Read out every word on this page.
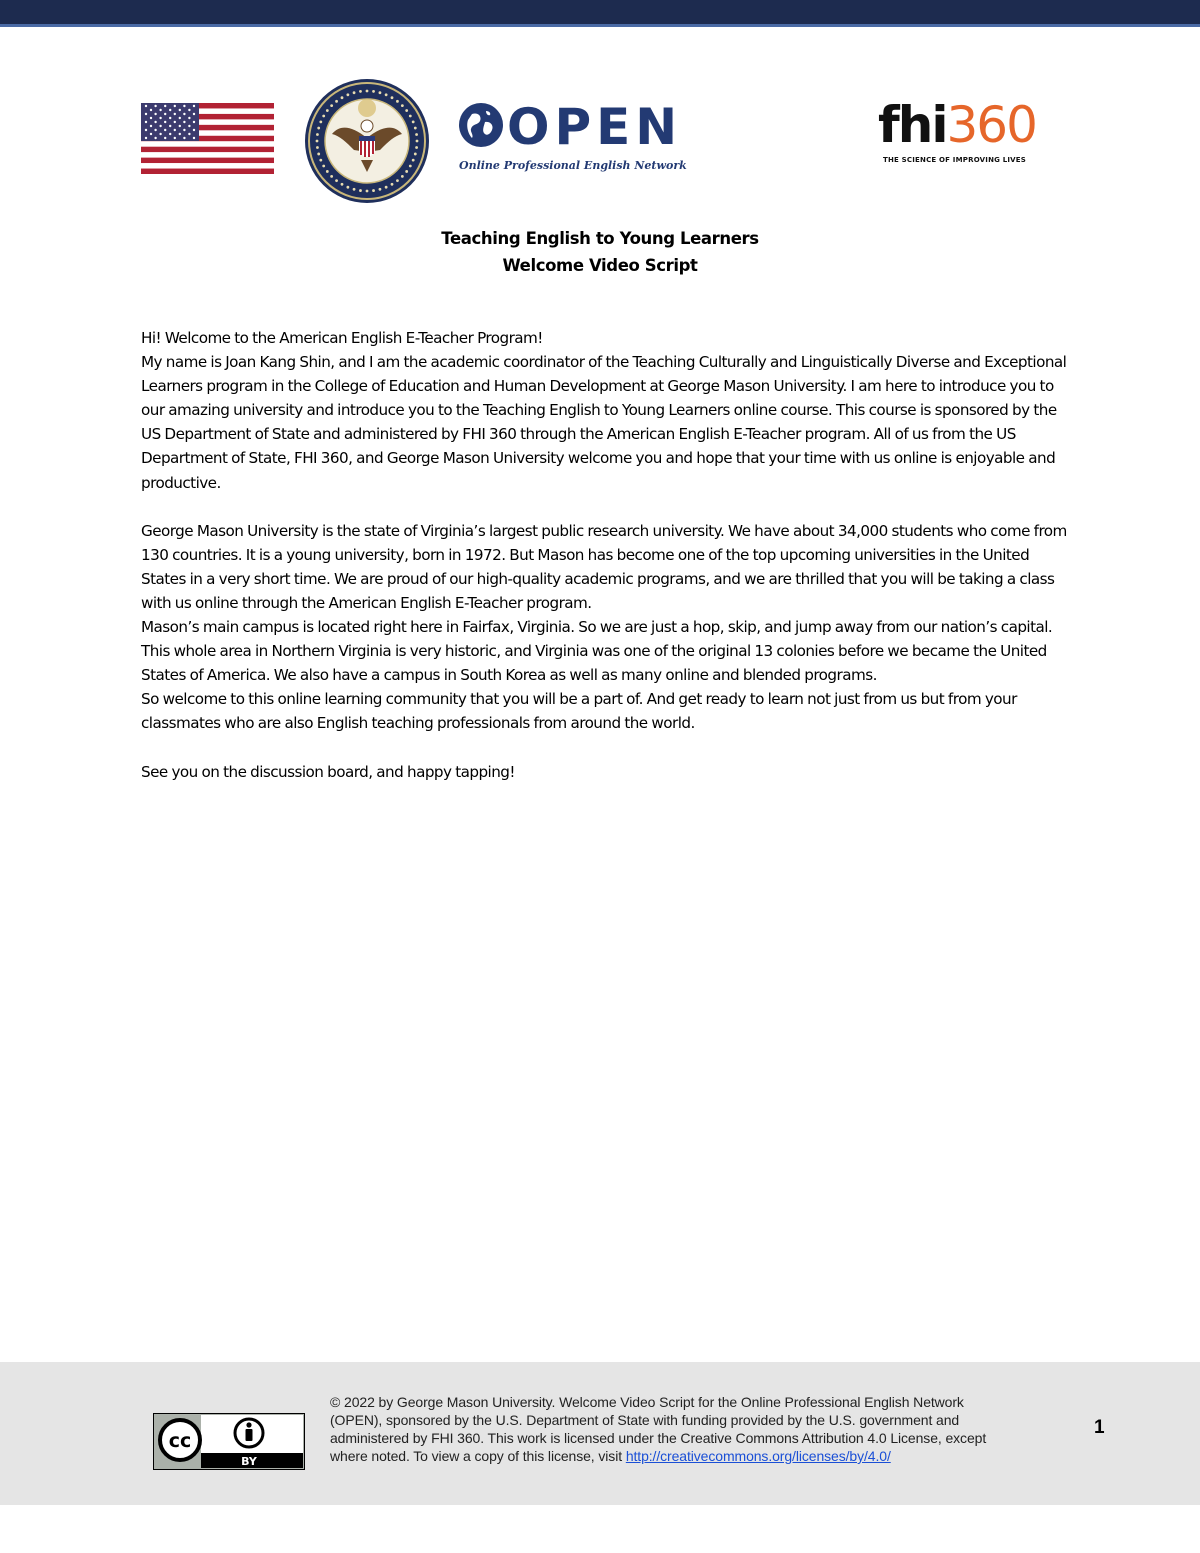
OPEN
Online Professional English Network
fhi360
THE SCIENCE OF IMPROVING LIVES
Teaching English to Young Learners
Welcome Video Script

Hi! Welcome to the American English E-Teacher Program!

My name is Joan Kang Shin, and I am the academic coordinator of the Teaching Culturally and Linguistically Diverse and Exceptional Learners program in the College of Education and Human Development at George Mason University. I am here to introduce you to our amazing university and introduce you to the Teaching English to Young Learners online course. This course is sponsored by the US Department of State and administered by FHI 360 through the American English E-Teacher program. All of us from the US Department of State, FHI 360, and George Mason University welcome you and hope that your time with us online is enjoyable and productive.

George Mason University is the state of Virginia’s largest public research university. We have about 34,000 students who come from 130 countries. It is a young university, born in 1972. But Mason has become one of the top upcoming universities in the United States in a very short time. We are proud of our high-quality academic programs, and we are thrilled that you will be taking a class with us online through the American English E-Teacher program.

Mason’s main campus is located right here in Fairfax, Virginia. So we are just a hop, skip, and jump away from our nation’s capital. This whole area in Northern Virginia is very historic, and Virginia was one of the original 13 colonies before we became the United States of America. We also have a campus in South Korea as well as many online and blended programs.

So welcome to this online learning community that you will be a part of. And get ready to learn not just from us but from your classmates who are also English teaching professionals from around the world.

See you on the discussion board, and happy tapping!

cc
BY
© 2022 by George Mason University. Welcome Video Script for the Online Professional English Network (OPEN), sponsored by the U.S. Department of State with funding provided by the U.S. government and administered by FHI 360. This work is licensed under the Creative Commons Attribution 4.0 License, except where noted. To view a copy of this license, visit http://creativecommons.org/licenses/by/4.0/
1
